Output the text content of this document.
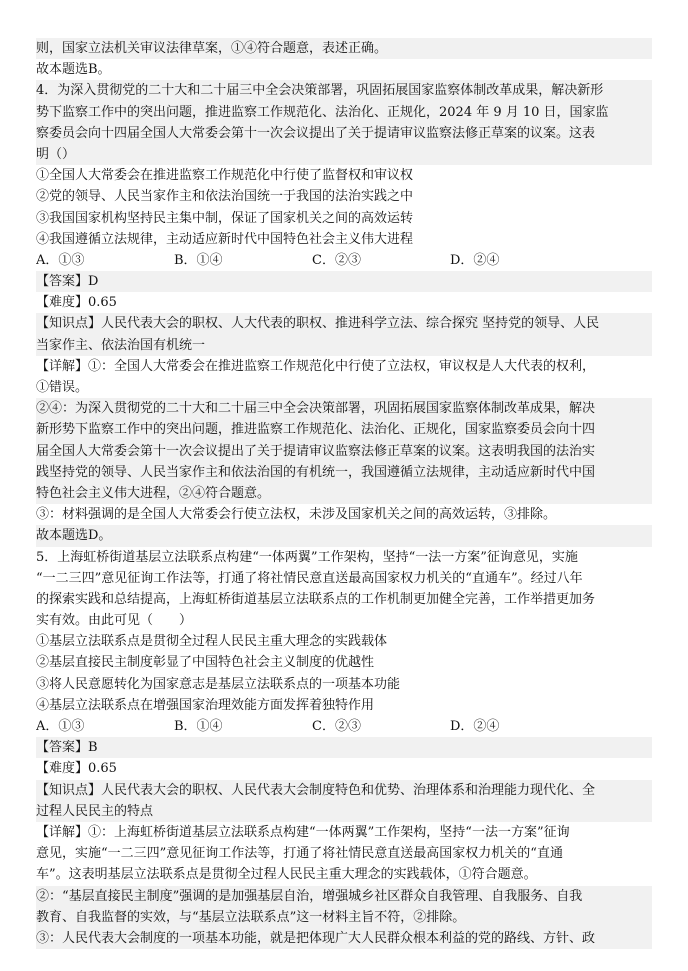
则，国家立法机关审议法律草案，①④符合题意，表述正确。
故本题选B。
4．为深入贯彻党的二十大和二十届三中全会决策部署，巩固拓展国家监察体制改革成果，解决新形
势下监察工作中的突出问题，推进监察工作规范化、法治化、正规化，2024 年 9 月 10 日，国家监
察委员会向十四届全国人大常委会第十一次会议提出了关于提请审议监察法修正草案的议案。这表
明（）
①全国人大常委会在推进监察工作规范化中行使了监督权和审议权
②党的领导、人民当家作主和依法治国统一于我国的法治实践之中
③我国国家机构坚持民主集中制，保证了国家机关之间的高效运转
④我国遵循立法规律，主动适应新时代中国特色社会主义伟大进程
A．①③	B．①④	C．②③	D．②④
【答案】D
【难度】0.65
【知识点】人民代表大会的职权、人大代表的职权、推进科学立法、综合探究 坚持党的领导、人民
当家作主、依法治国有机统一
【详解】①：全国人大常委会在推进监察工作规范化中行使了立法权，审议权是人大代表的权利，
①错误。
②④：为深入贯彻党的二十大和二十届三中全会决策部署，巩固拓展国家监察体制改革成果，解决
新形势下监察工作中的突出问题，推进监察工作规范化、法治化、正规化，国家监察委员会向十四
届全国人大常委会第十一次会议提出了关于提请审议监察法修正草案的议案。这表明我国的法治实
践坚持党的领导、人民当家作主和依法治国的有机统一，我国遵循立法规律，主动适应新时代中国
特色社会主义伟大进程，②④符合题意。
③：材料强调的是全国人大常委会行使立法权，未涉及国家机关之间的高效运转，③排除。
故本题选D。
5．上海虹桥街道基层立法联系点构建“一体两翼”工作架构，坚持“一法一方案”征询意见，实施
“一二三四”意见征询工作法等，打通了将社情民意直送最高国家权力机关的“直通车”。经过八年
的探索实践和总结提高，上海虹桥街道基层立法联系点的工作机制更加健全完善，工作举措更加务
实有效。由此可见（　　）
①基层立法联系点是贯彻全过程人民民主重大理念的实践载体
②基层直接民主制度彰显了中国特色社会主义制度的优越性
③将人民意愿转化为国家意志是基层立法联系点的一项基本功能
④基层立法联系点在增强国家治理效能方面发挥着独特作用
A．①③	B．①④	C．②③	D．②④
【答案】B
【难度】0.65
【知识点】人民代表大会的职权、人民代表大会制度特色和优势、治理体系和治理能力现代化、全
过程人民民主的特点
【详解】①：上海虹桥街道基层立法联系点构建“一体两翼”工作架构，坚持“一法一方案”征询
意见，实施“一二三四”意见征询工作法等，打通了将社情民意直送最高国家权力机关的“直通
车”。这表明基层立法联系点是贯彻全过程人民民主重大理念的实践载体，①符合题意。
②：“基层直接民主制度”强调的是加强基层自治，增强城乡社区群众自我管理、自我服务、自我
教育、自我监督的实效，与“基层立法联系点”这一材料主旨不符，②排除。
③：人民代表大会制度的一项基本功能，就是把体现广大人民群众根本利益的党的路线、方针、政
